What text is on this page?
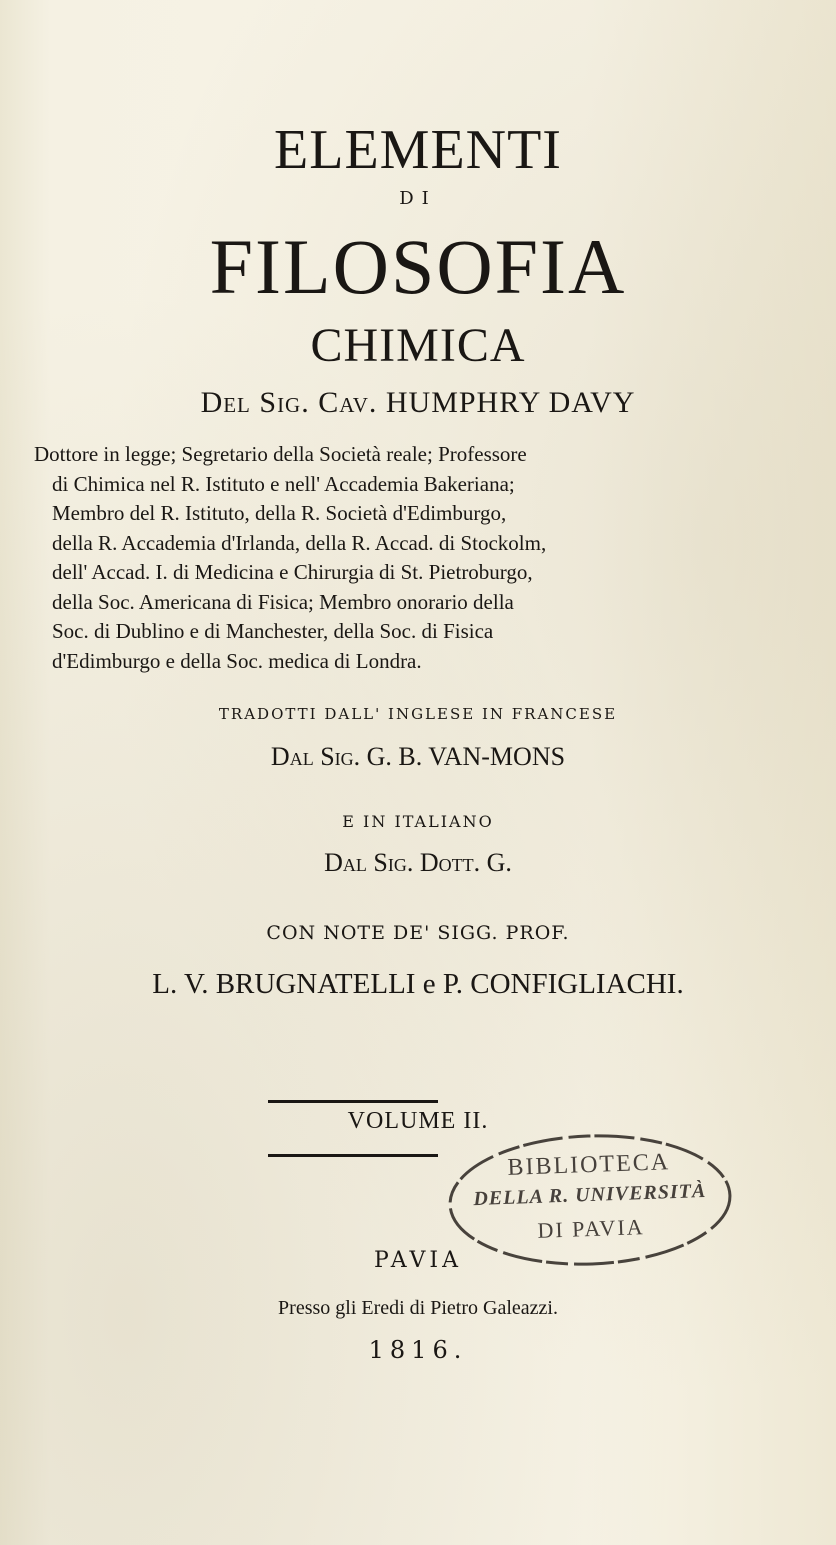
ELEMENTI
DI
FILOSOFIA
CHIMICA
Del Sig. Cav. HUMPHRY DAVY
Dottore in legge; Segretario della Società reale; Professore
di Chimica nel R. Istituto e nell' Accademia Bakeriana;
Membro del R. Istituto, della R. Società d'Edimburgo,
della R. Accademia d'Irlanda, della R. Accad. di Stockolm,
dell' Accad. I. di Medicina e Chirurgia di St. Pietroburgo,
della Soc. Americana di Fisica; Membro onorario della
Soc. di Dublino e di Manchester, della Soc. di Fisica
d'Edimburgo e della Soc. medica di Londra.
TRADOTTI DALL' INGLESE IN FRANCESE
Dal Sig. G. B. VAN-MONS
E IN ITALIANO
Dal Sig. Dott. G.
CON NOTE DE' SIGG. PROF.
L. V. BRUGNATELLI e P. CONFIGLIACHI.
VOLUME II.
BIBLIOTECA
DELLA R. UNIVERSITÀ
DI PAVIA
PAVIA
Presso gli Eredi di Pietro Galeazzi.
1816.
